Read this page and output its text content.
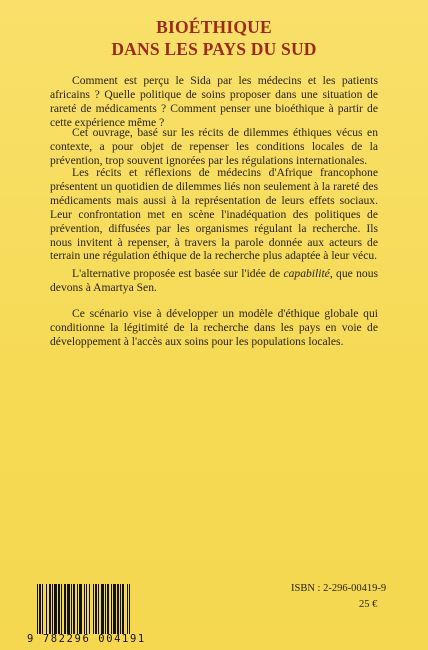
BIOÉTHIQUE
DANS LES PAYS DU SUD

Comment est perçu le Sida par les médecins et les patients africains ? Quelle politique de soins proposer dans une situation de rareté de médicaments ? Comment penser une bioéthique à partir de cette expérience même ?

Cet ouvrage, basé sur les récits de dilemmes éthiques vécus en contexte, a pour objet de repenser les conditions locales de la prévention, trop souvent ignorées par les régulations internationales.

Les récits et réflexions de médecins d'Afrique francophone présentent un quotidien de dilemmes liés non seulement à la rareté des médicaments mais aussi à la représentation de leurs effets sociaux. Leur confrontation met en scène l'inadéquation des politiques de prévention, diffusées par les organismes régulant la recherche. Ils nous invitent à repenser, à travers la parole donnée aux acteurs de terrain une régulation éthique de la recherche plus adaptée à leur vécu.

L'alternative proposée est basée sur l'idée de capabilité, que nous devons à Amartya Sen.

Ce scénario vise à développer un modèle d'éthique globale qui conditionne la légitimité de la recherche dans les pays en voie de développement à l'accès aux soins pour les populations locales.

9 782296 004191
ISBN : 2-296-00419-9
25 €
